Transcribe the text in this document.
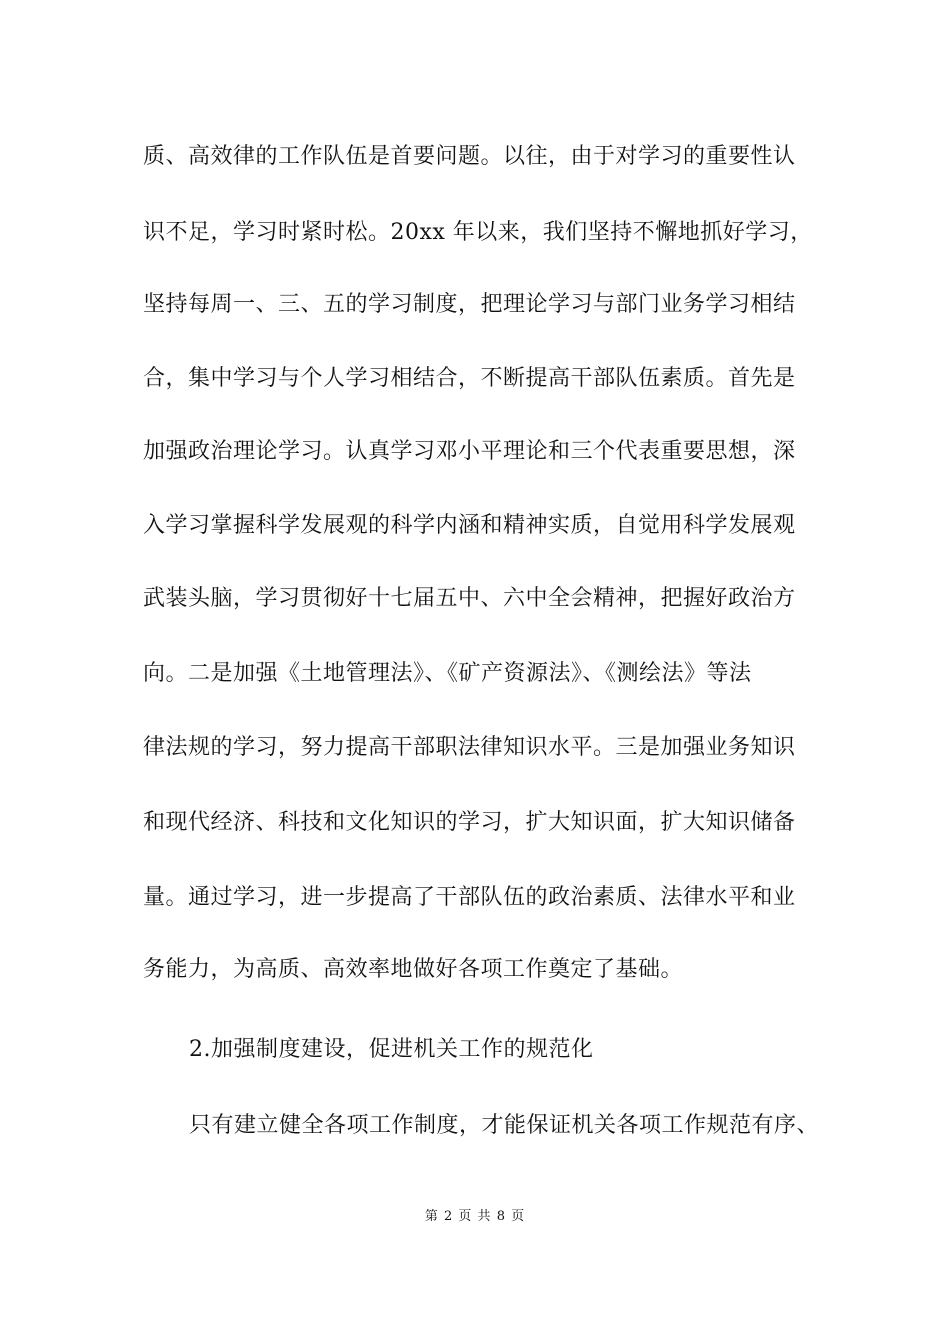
质、高效律的工作队伍是首要问题。以往，由于对学习的重要性认
识不足，学习时紧时松。20xx 年以来，我们坚持不懈地抓好学习，
坚持每周一、三、五的学习制度，把理论学习与部门业务学习相结
合，集中学习与个人学习相结合，不断提高干部队伍素质。首先是
加强政治理论学习。认真学习邓小平理论和三个代表重要思想，深
入学习掌握科学发展观的科学内涵和精神实质，自觉用科学发展观
武装头脑，学习贯彻好十七届五中、六中全会精神，把握好政治方
向。二是加强《土地管理法》、《矿产资源法》、《测绘法》等法
律法规的学习，努力提高干部职法律知识水平。三是加强业务知识
和现代经济、科技和文化知识的学习，扩大知识面，扩大知识储备
量。通过学习，进一步提高了干部队伍的政治素质、法律水平和业
务能力，为高质、高效率地做好各项工作奠定了基础。
2.加强制度建设，促进机关工作的规范化
只有建立健全各项工作制度，才能保证机关各项工作规范有序、
第 2 页 共 8 页
